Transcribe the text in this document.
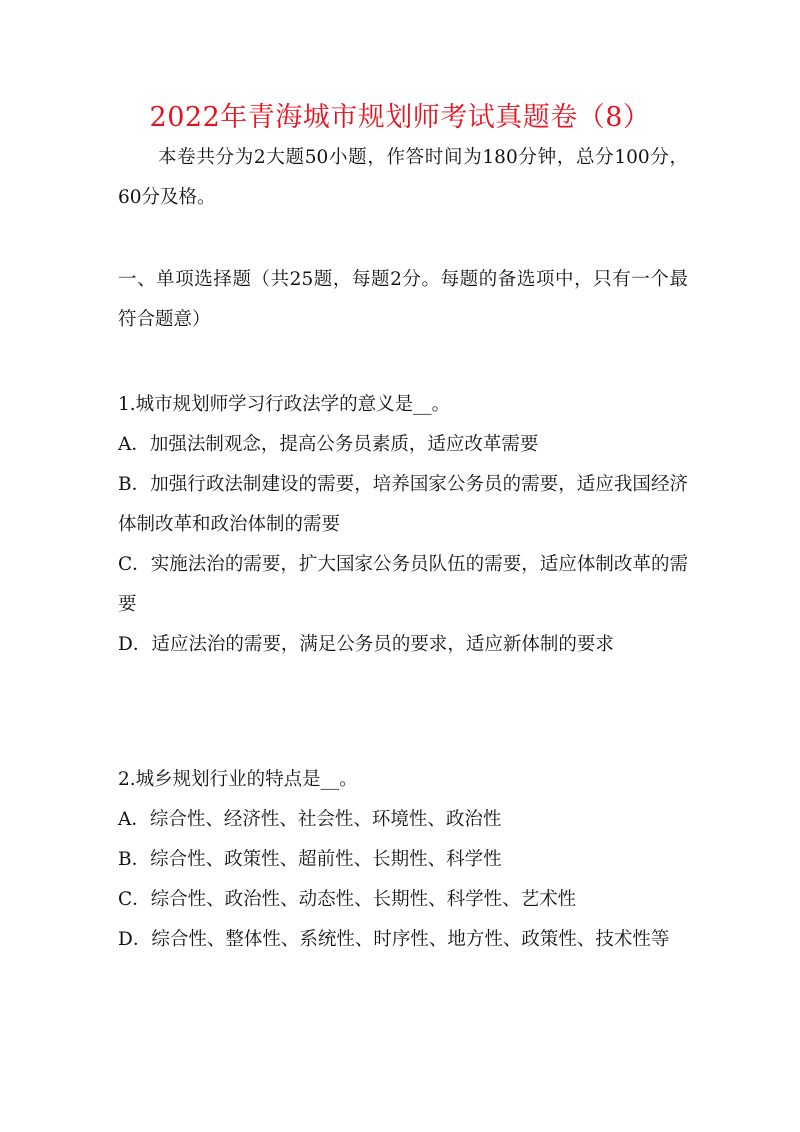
2022年青海城市规划师考试真题卷（8）

本卷共分为2大题50小题，作答时间为180分钟，总分100分，60分及格。

一、单项选择题（共25题，每题2分。每题的备选项中，只有一个最符合题意）

1.城市规划师学习行政法学的意义是__。

A．加强法制观念，提高公务员素质，适应改革需要

B．加强行政法制建设的需要，培养国家公务员的需要，适应我国经济体制改革和政治体制的需要

C．实施法治的需要，扩大国家公务员队伍的需要，适应体制改革的需要

D．适应法治的需要，满足公务员的要求，适应新体制的要求

2.城乡规划行业的特点是__。

A．综合性、经济性、社会性、环境性、政治性

B．综合性、政策性、超前性、长期性、科学性

C．综合性、政治性、动态性、长期性、科学性、艺术性

D．综合性、整体性、系统性、时序性、地方性、政策性、技术性等
